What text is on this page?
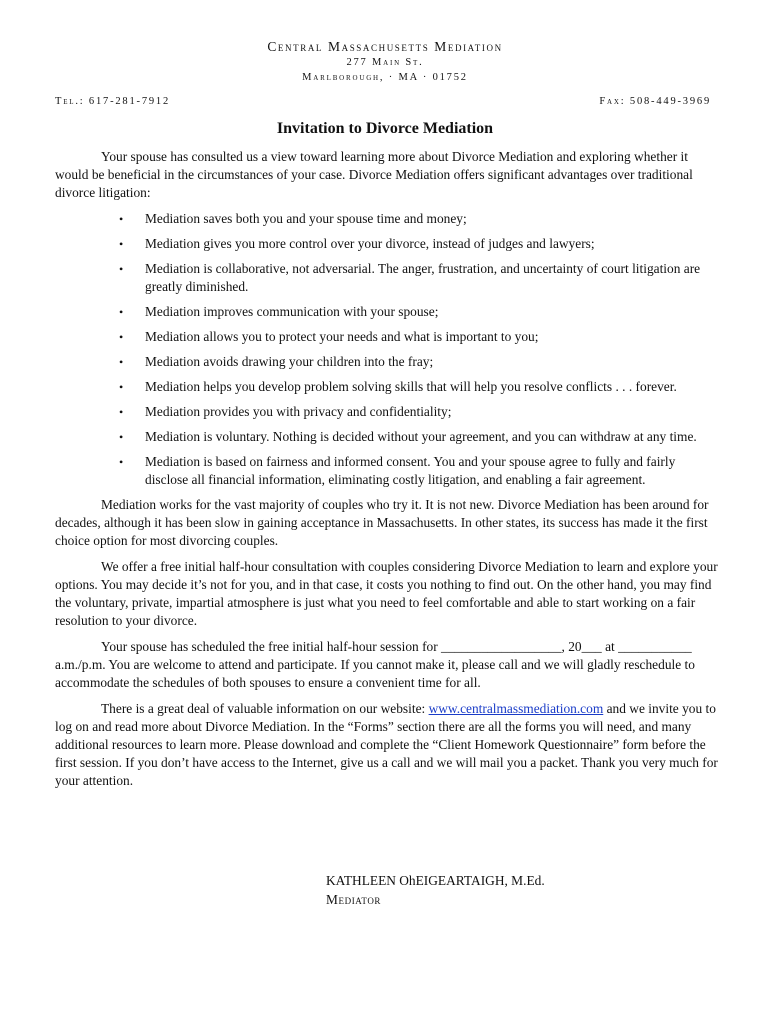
Central Massachusetts Mediation
277 Main St.
Marlborough, · MA · 01752
Tel.: 617-281-7912	Fax: 508-449-3969
Invitation to Divorce Mediation

Your spouse has consulted us a view toward learning more about Divorce Mediation and exploring whether it would be beneficial in the circumstances of your case. Divorce Mediation offers significant advantages over traditional divorce litigation:

• Mediation saves both you and your spouse time and money;
• Mediation gives you more control over your divorce, instead of judges and lawyers;
• Mediation is collaborative, not adversarial. The anger, frustration, and uncertainty of court litigation are greatly diminished.
• Mediation improves communication with your spouse;
• Mediation allows you to protect your needs and what is important to you;
• Mediation avoids drawing your children into the fray;
• Mediation helps you develop problem solving skills that will help you resolve conflicts . . . forever.
• Mediation provides you with privacy and confidentiality;
• Mediation is voluntary. Nothing is decided without your agreement, and you can withdraw at any time.
• Mediation is based on fairness and informed consent. You and your spouse agree to fully and fairly disclose all financial information, eliminating costly litigation, and enabling a fair agreement.

Mediation works for the vast majority of couples who try it. It is not new. Divorce Mediation has been around for decades, although it has been slow in gaining acceptance in Massachusetts. In other states, its success has made it the first choice option for most divorcing couples.

We offer a free initial half-hour consultation with couples considering Divorce Mediation to learn and explore your options. You may decide it’s not for you, and in that case, it costs you nothing to find out. On the other hand, you may find the voluntary, private, impartial atmosphere is just what you need to feel comfortable and able to start working on a fair resolution to your divorce.

Your spouse has scheduled the free initial half-hour session for __________________, 20___ at ___________ a.m./p.m. You are welcome to attend and participate. If you cannot make it, please call and we will gladly reschedule to accommodate the schedules of both spouses to ensure a convenient time for all.

There is a great deal of valuable information on our website: www.centralmassmediation.com and we invite you to log on and read more about Divorce Mediation. In the “Forms” section there are all the forms you will need, and many additional resources to learn more. Please download and complete the “Client Homework Questionnaire” form before the first session. If you don’t have access to the Internet, give us a call and we will mail you a packet. Thank you very much for your attention.

KATHLEEN OhEIGEARTAIGH, M.Ed.
Mediator
